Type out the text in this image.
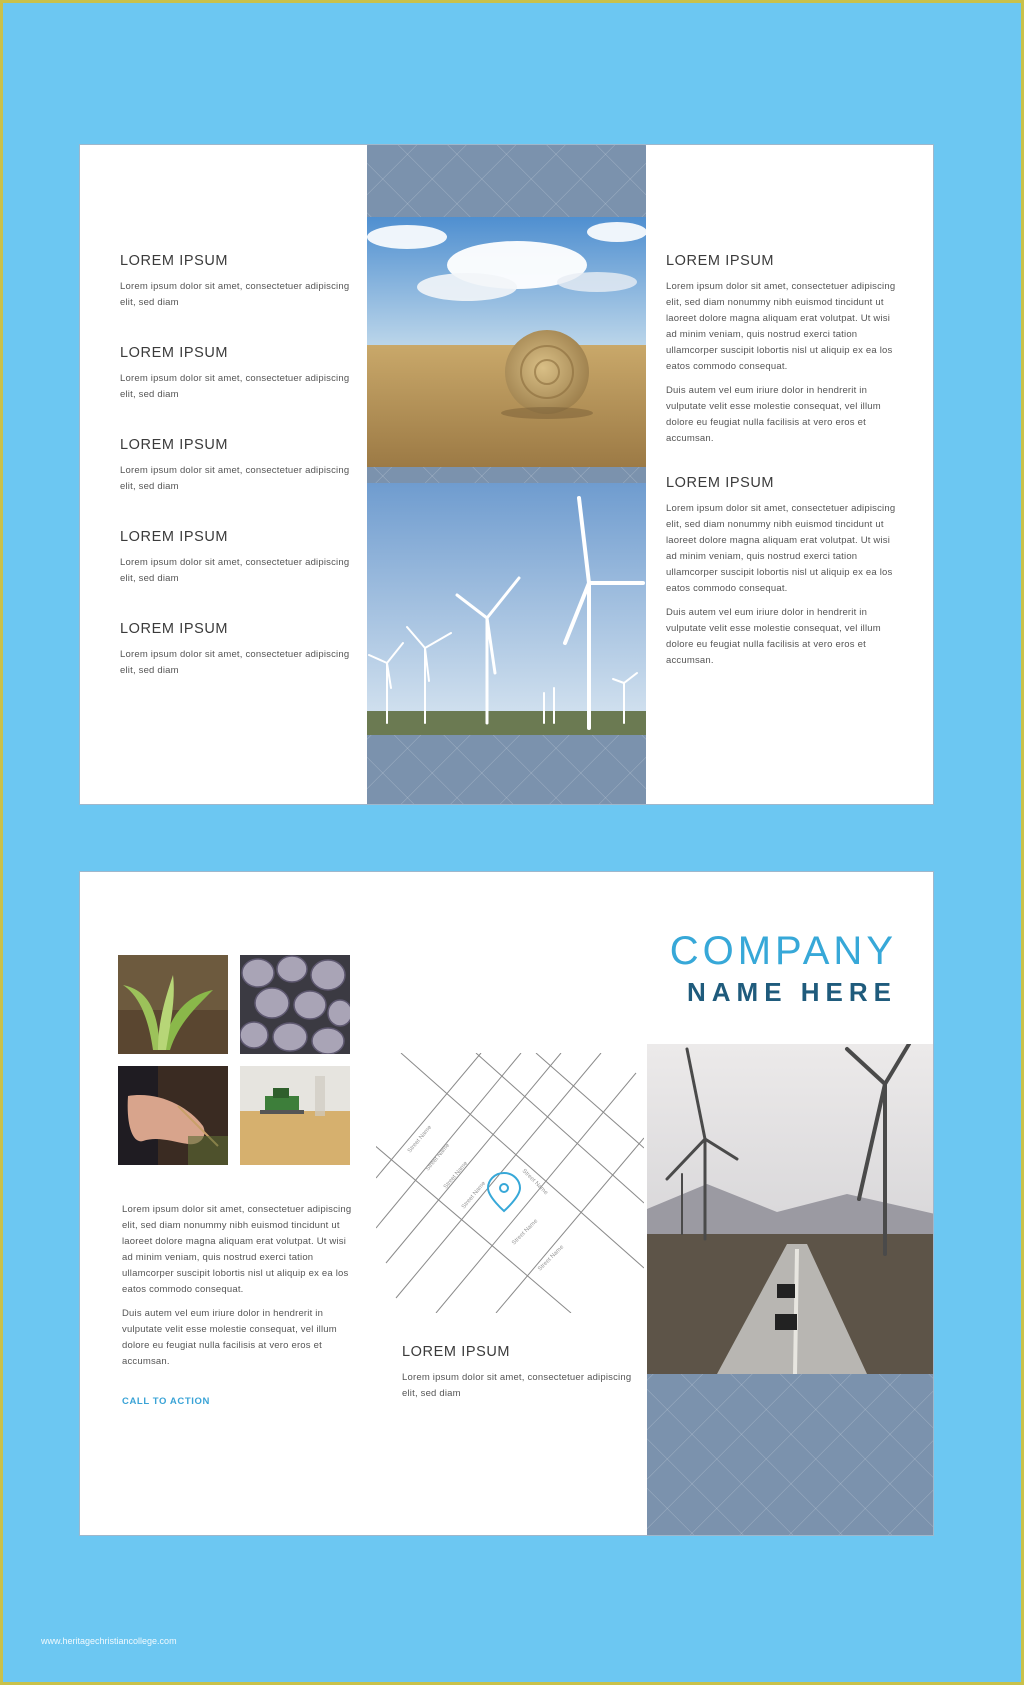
LOREM IPSUM
Lorem ipsum dolor sit amet, consectetuer adipiscing elit, sed diam
LOREM IPSUM
Lorem ipsum dolor sit amet, consectetuer adipiscing elit, sed diam
LOREM IPSUM
Lorem ipsum dolor sit amet, consectetuer adipiscing elit, sed diam
LOREM IPSUM
Lorem ipsum dolor sit amet, consectetuer adipiscing elit, sed diam
LOREM IPSUM
Lorem ipsum dolor sit amet, consectetuer adipiscing elit, sed diam
LOREM IPSUM

Lorem ipsum dolor sit amet, consectetuer adipiscing elit, sed diam nonummy nibh euismod tincidunt ut laoreet dolore magna aliquam erat volutpat. Ut wisi ad minim veniam, quis nostrud exerci tation ullamcorper suscipit lobortis nisl ut aliquip ex ea los eatos commodo consequat.

Duis autem vel eum iriure dolor in hendrerit in vulputate velit esse molestie consequat, vel illum dolore eu feugiat nulla facilisis at vero eros et accumsan.

LOREM IPSUM

Lorem ipsum dolor sit amet, consectetuer adipiscing elit, sed diam nonummy nibh euismod tincidunt ut laoreet dolore magna aliquam erat volutpat. Ut wisi ad minim veniam, quis nostrud exerci tation ullamcorper suscipit lobortis nisl ut aliquip ex ea los eatos commodo consequat.

Duis autem vel eum iriure dolor in hendrerit in vulputate velit esse molestie consequat, vel illum dolore eu feugiat nulla facilisis at vero eros et accumsan.

Lorem ipsum dolor sit amet, consectetuer adipiscing elit, sed diam nonummy nibh euismod tincidunt ut laoreet dolore magna aliquam erat volutpat. Ut wisi ad minim veniam, quis nostrud exerci tation ullamcorper suscipit lobortis nisl ut aliquip ex ea los eatos commodo consequat.

Duis autem vel eum iriure dolor in hendrerit in vulputate velit esse molestie consequat, vel illum dolore eu feugiat nulla facilisis at vero eros et accumsan.

CALL TO ACTION
COMPANY
NAME HERE
Street Name
Street Name
Street Name
Street Name	Street Name
Street Name
Street Name
LOREM IPSUM
Lorem ipsum dolor sit amet, consectetuer adipiscing elit, sed diam
www.heritagechristiancollege.com
